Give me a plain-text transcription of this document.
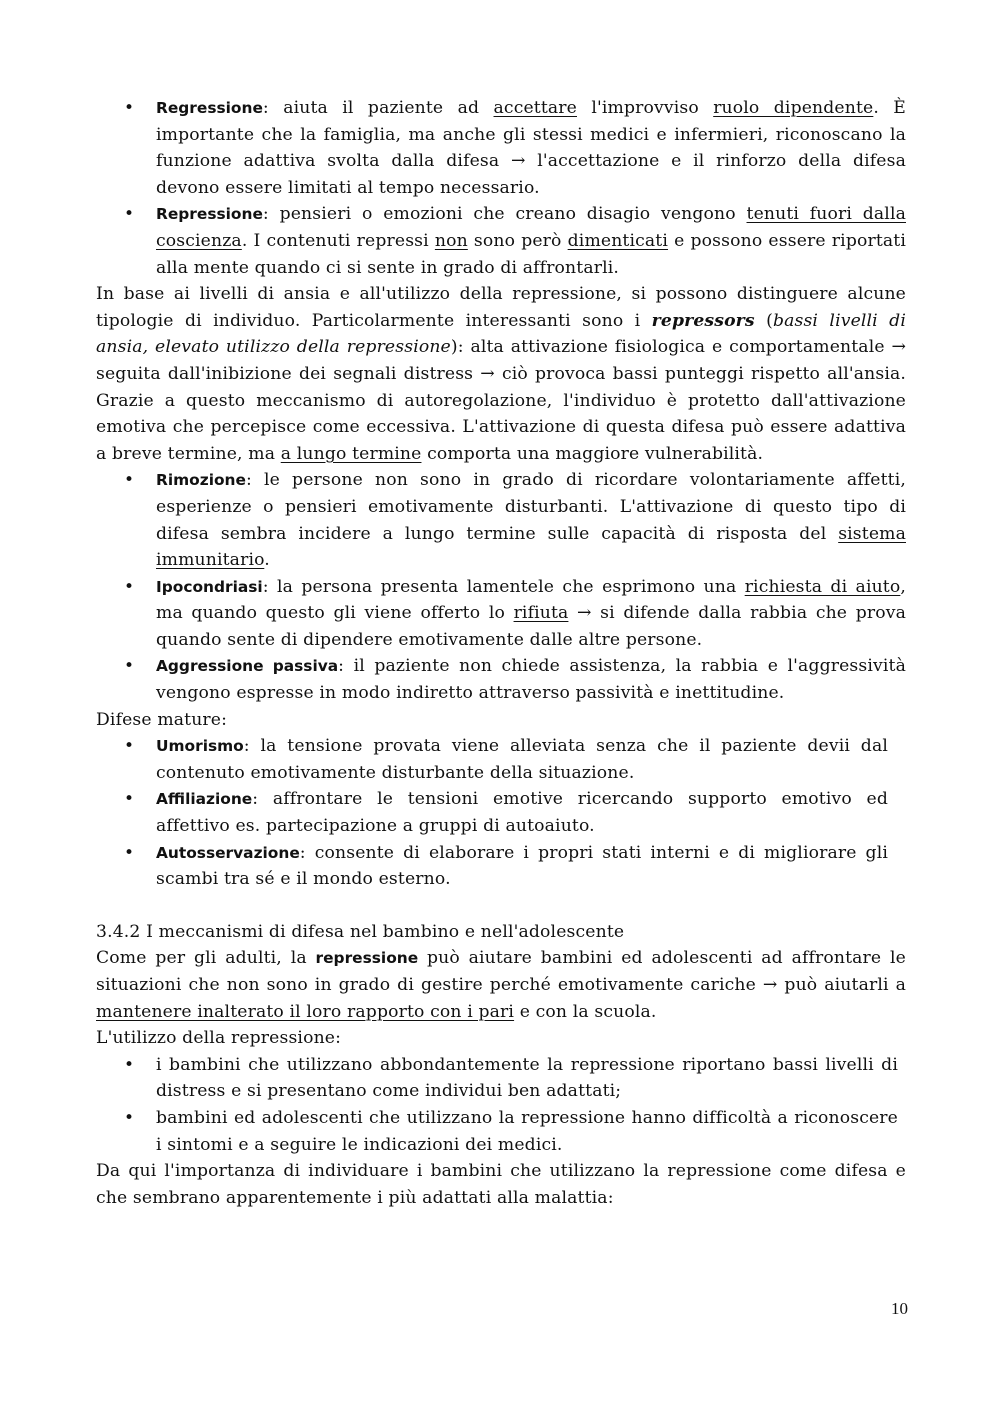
• Regressione: aiuta il paziente ad accettare l'improvviso ruolo dipendente. È importante che la famiglia, ma anche gli stessi medici e infermieri, riconoscano la funzione adattiva svolta dalla difesa → l'accettazione e il rinforzo della difesa devono essere limitati al tempo necessario.
• Repressione: pensieri o emozioni che creano disagio vengono tenuti fuori dalla coscienza. I contenuti repressi non sono però dimenticati e possono essere riportati alla mente quando ci si sente in grado di affrontarli.

In base ai livelli di ansia e all'utilizzo della repressione, si possono distinguere alcune tipologie di individuo. Particolarmente interessanti sono i repressors (bassi livelli di ansia, elevato utilizzo della repressione): alta attivazione fisiologica e comportamentale → seguita dall'inibizione dei segnali distress → ciò provoca bassi punteggi rispetto all'ansia. Grazie a questo meccanismo di autoregolazione, l'individuo è protetto dall'attivazione emotiva che percepisce come eccessiva. L'attivazione di questa difesa può essere adattiva a breve termine, ma a lungo termine comporta una maggiore vulnerabilità.

• Rimozione: le persone non sono in grado di ricordare volontariamente affetti, esperienze o pensieri emotivamente disturbanti. L'attivazione di questo tipo di difesa sembra incidere a lungo termine sulle capacità di risposta del sistema immunitario.
• Ipocondriasi: la persona presenta lamentele che esprimono una richiesta di aiuto, ma quando questo gli viene offerto lo rifiuta → si difende dalla rabbia che prova quando sente di dipendere emotivamente dalle altre persone.
• Aggressione passiva: il paziente non chiede assistenza, la rabbia e l'aggressività vengono espresse in modo indiretto attraverso passività e inettitudine.

Difese mature:

• Umorismo: la tensione provata viene alleviata senza che il paziente devii dal contenuto emotivamente disturbante della situazione.
• Affiliazione: affrontare le tensioni emotive ricercando supporto emotivo ed affettivo es. partecipazione a gruppi di autoaiuto.
• Autosservazione: consente di elaborare i propri stati interni e di migliorare gli scambi tra sé e il mondo esterno.

3.4.2 I meccanismi di difesa nel bambino e nell'adolescente

Come per gli adulti, la repressione può aiutare bambini ed adolescenti ad affrontare le situazioni che non sono in grado di gestire perché emotivamente cariche → può aiutarli a mantenere inalterato il loro rapporto con i pari e con la scuola.

L'utilizzo della repressione:

• i bambini che utilizzano abbondantemente la repressione riportano bassi livelli di distress e si presentano come individui ben adattati;
• bambini ed adolescenti che utilizzano la repressione hanno difficoltà a riconoscere i sintomi e a seguire le indicazioni dei medici.

Da qui l'importanza di individuare i bambini che utilizzano la repressione come difesa e che sembrano apparentemente i più adattati alla malattia:

10
